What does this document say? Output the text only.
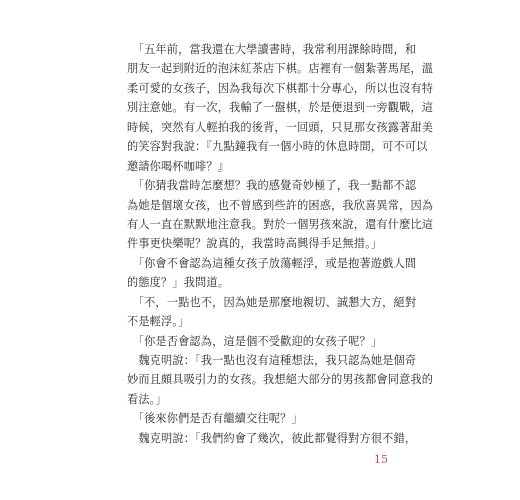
　「五年前，當我還在大學讀書時，我常利用課餘時間，和
朋友一起到附近的泡沫紅茶店下棋。店裡有一個紮著馬尾，溫
柔可愛的女孩子，因為我每次下棋都十分專心，所以也沒有特
別注意她。有一次，我輸了一盤棋，於是便退到一旁觀戰，這
時候，突然有人輕拍我的後背，一回頭，只見那女孩露著甜美
的笑容對我說：『九點鐘我有一個小時的休息時間，可不可以
邀請你喝杯咖啡？』
　「你猜我當時怎麼想？我的感覺奇妙極了，我一點都不認
為她是個壞女孩，也不曾感到些許的困惑，我欣喜異常，因為
有人一直在默默地注意我。對於一個男孩來說，還有什麼比這
件事更快樂呢？說真的，我當時高興得手足無措。」
　「你會不會認為這種女孩子放蕩輕浮，或是抱著遊戲人間
的態度？」我問道。
　「不，一點也不，因為她是那麼地親切、誠懇大方，絕對
不是輕浮。」
　「你是否會認為，這是個不受歡迎的女孩子呢？」
　魏克明說：「我一點也沒有這種想法，我只認為她是個奇
妙而且頗具吸引力的女孩。我想絕大部分的男孩都會同意我的
看法。」
　「後來你們是否有繼續交往呢？」
　魏克明說：「我們約會了幾次，彼此都覺得對方很不錯，
15
